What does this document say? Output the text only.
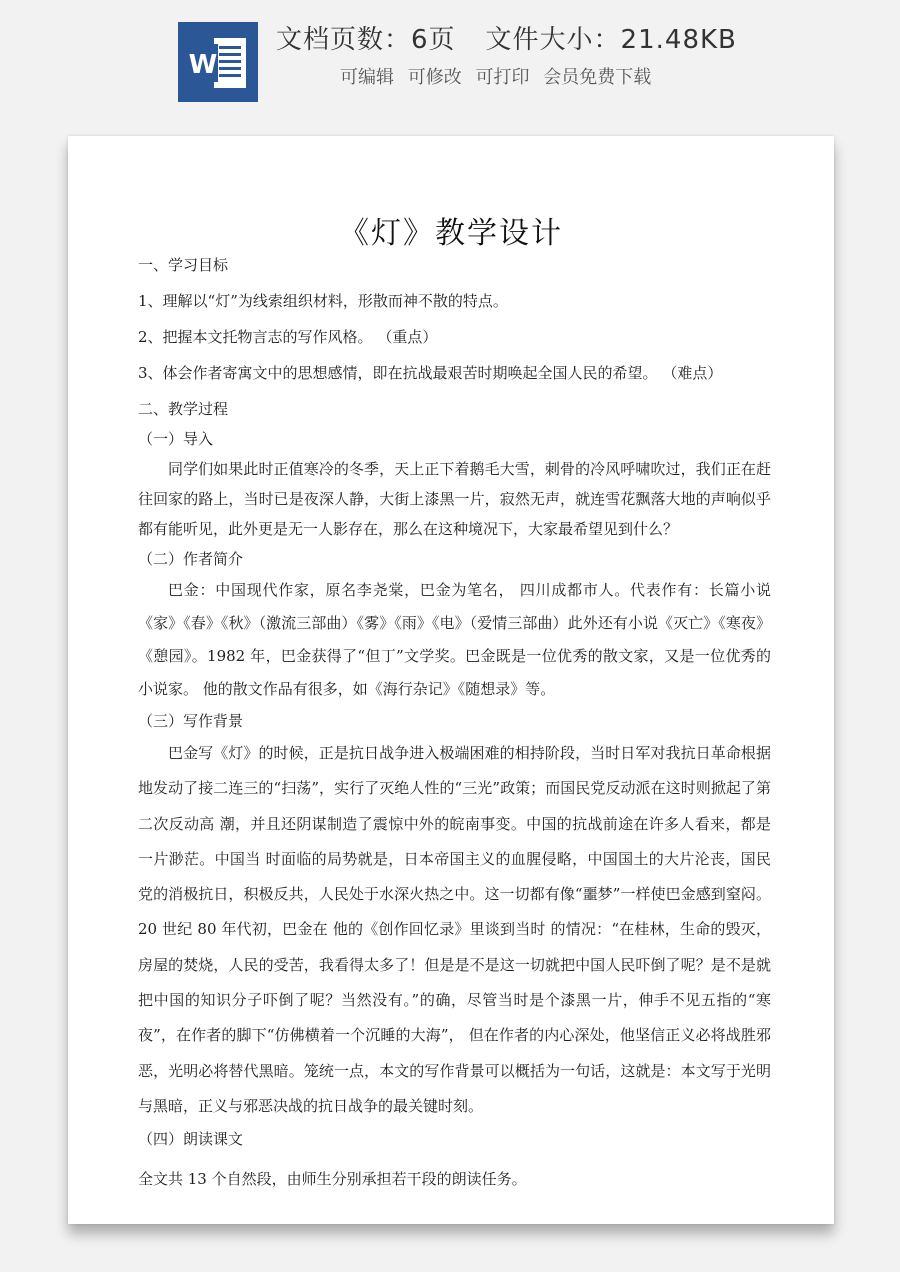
W
文档页数：6页 文件大小：21.48KB
可编辑 可修改 可打印 会员免费下载
《灯》教学设计

一、学习目标

1、理解以“灯”为线索组织材料，形散而神不散的特点。

2、把握本文托物言志的写作风格。 （重点）

3、体会作者寄寓文中的思想感情，即在抗战最艰苦时期唤起全国人民的希望。 （难点）

二、教学过程

（一）导入

同学们如果此时正值寒冷的冬季，天上正下着鹅毛大雪，刺骨的冷风呼啸吹过，我们正在赶往回家的路上，当时已是夜深人静，大街上漆黑一片，寂然无声，就连雪花飘落大地的声响似乎都有能听见，此外更是无一人影存在，那么在这种境况下，大家最希望见到什么？

（二）作者简介

巴金：中国现代作家，原名李尧棠，巴金为笔名， 四川成都市人。代表作有：长篇小说《家》《春》《秋》（激流三部曲）《雾》《雨》《电》（爱情三部曲）此外还有小说《灭亡》《寒夜》《憩园》。1982 年，巴金获得了“但丁”文学奖。巴金既是一位优秀的散文家，又是一位优秀的小说家。 他的散文作品有很多，如《海行杂记》《随想录》等。

（三）写作背景

巴金写《灯》的时候，正是抗日战争进入极端困难的相持阶段，当时日军对我抗日革命根据地发动了接二连三的“扫荡”，实行了灭绝人性的“三光”政策；而国民党反动派在这时则掀起了第二次反动高 潮，并且还阴谋制造了震惊中外的皖南事变。中国的抗战前途在许多人看来，都是一片渺茫。中国当 时面临的局势就是，日本帝国主义的血腥侵略，中国国土的大片沦丧，国民党的消极抗日，积极反共，人民处于水深火热之中。这一切都有像“噩梦”一样使巴金感到窒闷。20 世纪 80 年代初，巴金在 他的《创作回忆录》里谈到当时 的情况：“在桂林，生命的毁灭，房屋的焚烧，人民的受苦，我看得太多了！但是是不是这一切就把中国人民吓倒了呢？是不是就把中国的知识分子吓倒了呢？当然没有。”的确，尽管当时是个漆黑一片，伸手不见五指的“寒夜”，在作者的脚下“仿佛横着一个沉睡的大海”， 但在作者的内心深处，他坚信正义必将战胜邪恶，光明必将替代黑暗。笼统一点，本文的写作背景可以概括为一句话，这就是：本文写于光明与黑暗，正义与邪恶决战的抗日战争的最关键时刻。

（四）朗读课文

全文共 13 个自然段，由师生分别承担若干段的朗读任务。
